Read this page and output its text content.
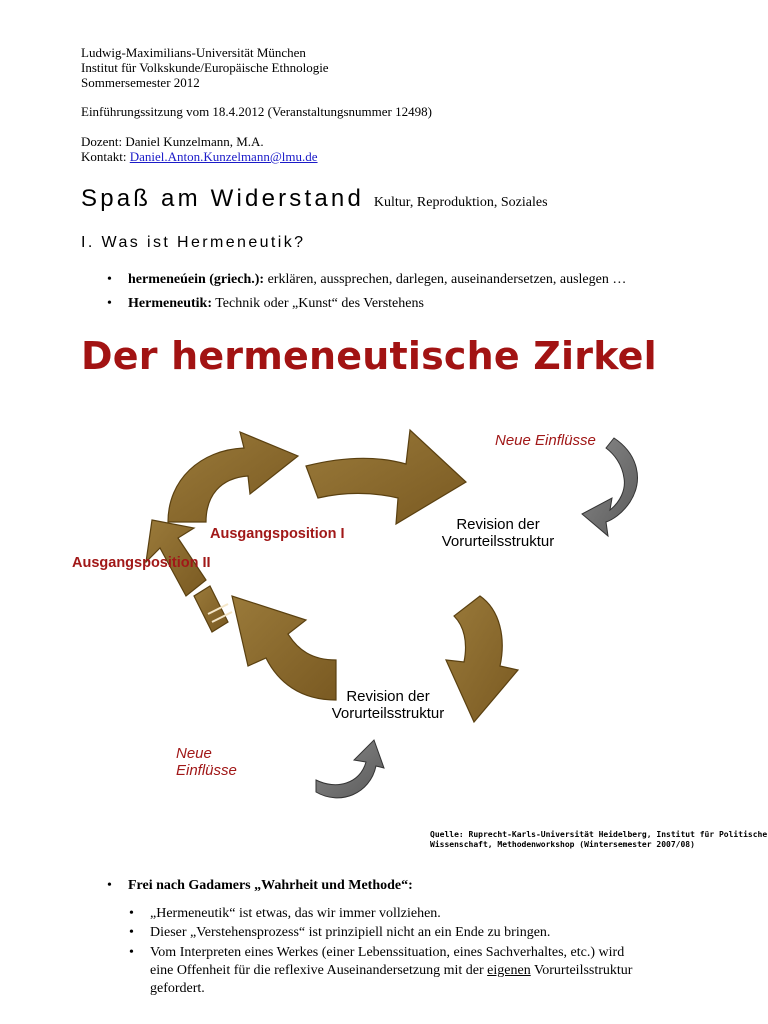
Ludwig-Maximilians-Universität München
Institut für Volkskunde/Europäische Ethnologie
Sommersemester 2012
Einführungssitzung vom 18.4.2012 (Veranstaltungsnummer 12498)
Dozent: Daniel Kunzelmann, M.A.
Kontakt: Daniel.Anton.Kunzelmann@lmu.de
Spaß am Widerstand Kultur, Reproduktion, Soziales
I. Was ist Hermeneutik?
• hermeneúein (griech.): erklären, aussprechen, darlegen, auseinandersetzen, auslegen …
• Hermeneutik: Technik oder „Kunst“ des Verstehens
Der hermeneutische Zirkel
Ausgangsposition I
Ausgangsposition II
Neue Einflüsse
Revision der
Vorurteilsstruktur
Revision der
Vorurteilsstruktur
Neue
Einflüsse
Quelle: Ruprecht-Karls-Universität Heidelberg, Institut für Politische
Wissenschaft, Methodenworkshop (Wintersemester 2007/08)
• Frei nach Gadamers „Wahrheit und Methode“:
• „Hermeneutik“ ist etwas, das wir immer vollziehen.
• Dieser „Verstehensprozess“ ist prinzipiell nicht an ein Ende zu bringen.
• Vom Interpreten eines Werkes (einer Lebenssituation, eines Sachverhaltes, etc.) wird
eine Offenheit für die reflexive Auseinandersetzung mit der eigenen Vorurteilsstruktur
gefordert.
